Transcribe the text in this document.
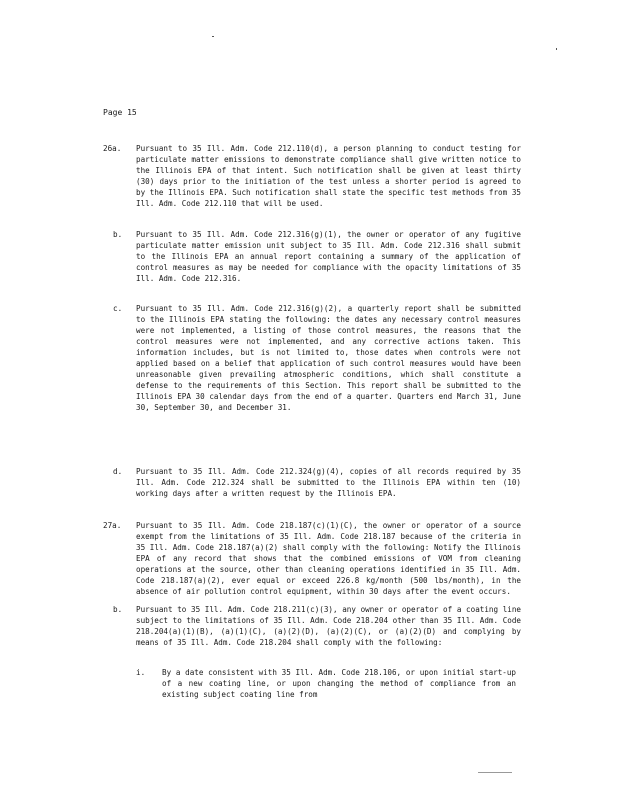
Page 15
26a.	Pursuant to 35 Ill. Adm. Code 212.110(d), a person planning to conduct testing for particulate matter emissions to demonstrate compliance shall give written notice to the Illinois EPA of that intent. Such notification shall be given at least thirty (30) days prior to the initiation of the test unless a shorter period is agreed to by the Illinois EPA. Such notification shall state the specific test methods from 35 Ill. Adm. Code 212.110 that will be used.
b.	Pursuant to 35 Ill. Adm. Code 212.316(g)(1), the owner or operator of any fugitive particulate matter emission unit subject to 35 Ill. Adm. Code 212.316 shall submit to the Illinois EPA an annual report containing a summary of the application of control measures as may be needed for compliance with the opacity limitations of 35 Ill. Adm. Code 212.316.
c.	Pursuant to 35 Ill. Adm. Code 212.316(g)(2), a quarterly report shall be submitted to the Illinois EPA stating the following: the dates any necessary control measures were not implemented, a listing of those control measures, the reasons that the control measures were not implemented, and any corrective actions taken. This information includes, but is not limited to, those dates when controls were not applied based on a belief that application of such control measures would have been unreasonable given prevailing atmospheric conditions, which shall constitute a defense to the requirements of this Section. This report shall be submitted to the Illinois EPA 30 calendar days from the end of a quarter. Quarters end March 31, June 30, September 30, and December 31.
d.	Pursuant to 35 Ill. Adm. Code 212.324(g)(4), copies of all records required by 35 Ill. Adm. Code 212.324 shall be submitted to the Illinois EPA within ten (10) working days after a written request by the Illinois EPA.
27a.	Pursuant to 35 Ill. Adm. Code 218.187(c)(1)(C), the owner or operator of a source exempt from the limitations of 35 Ill. Adm. Code 218.187 because of the criteria in 35 Ill. Adm. Code 218.187(a)(2) shall comply with the following: Notify the Illinois EPA of any record that shows that the combined emissions of VOM from cleaning operations at the source, other than cleaning operations identified in 35 Ill. Adm. Code 218.187(a)(2), ever equal or exceed 226.8 kg/month (500 lbs/month), in the absence of air pollution control equipment, within 30 days after the event occurs.
b.	Pursuant to 35 Ill. Adm. Code 218.211(c)(3), any owner or operator of a coating line subject to the limitations of 35 Ill. Adm. Code 218.204 other than 35 Ill. Adm. Code 218.204(a)(1)(B), (a)(1)(C), (a)(2)(D), (a)(2)(C), or (a)(2)(D) and complying by means of 35 Ill. Adm. Code 218.204 shall comply with the following:
i. By a date consistent with 35 Ill. Adm. Code 218.106, or upon initial start-up of a new coating line, or upon changing the method of compliance from an existing subject coating line from
